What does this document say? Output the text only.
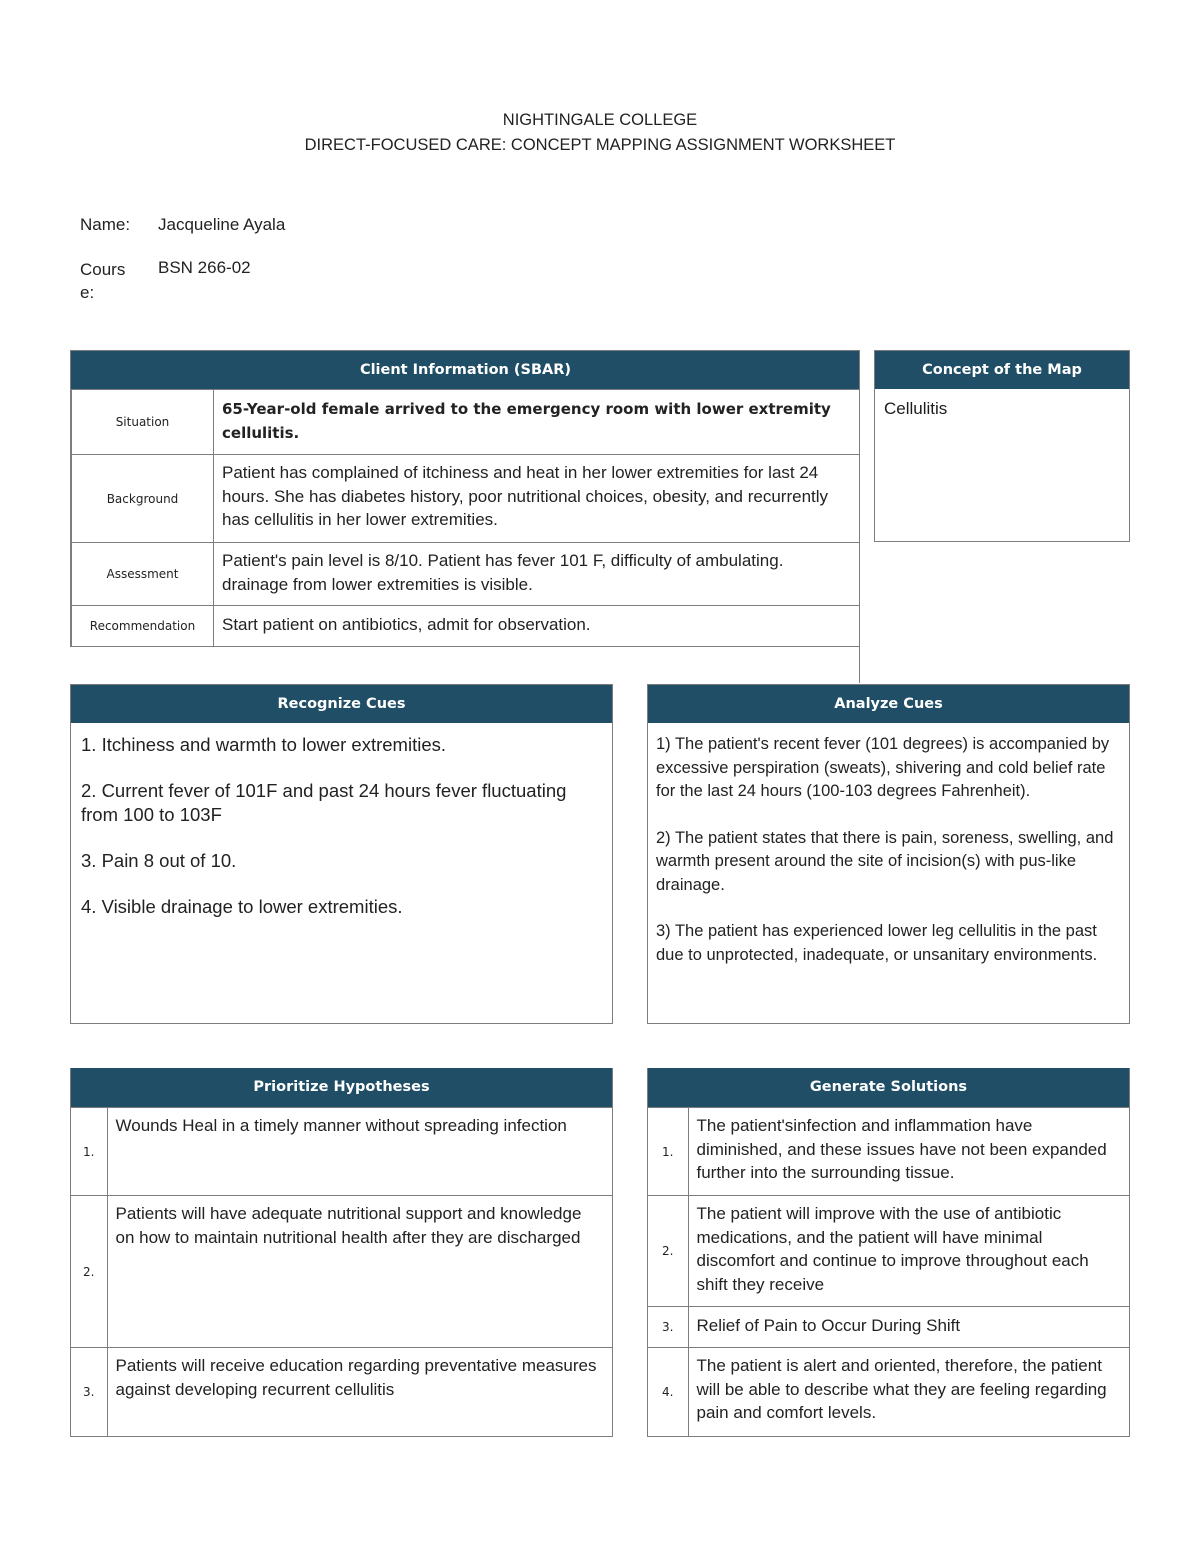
NIGHTINGALE COLLEGE
DIRECT-FOCUSED CARE: CONCEPT MAPPING ASSIGNMENT WORKSHEET
Name: Jacqueline Ayala
Cours
e:
BSN 266-02
Client Information (SBAR)
Situation	65-Year-old female arrived to the emergency room with lower extremity cellulitis.
Background	Patient has complained of itchiness and heat in her lower extremities for last 24 hours. She has diabetes history, poor nutritional choices, obesity, and recurrently has cellulitis in her lower extremities.
Assessment	Patient's pain level is 8/10. Patient has fever 101 F, difficulty of ambulating. drainage from lower extremities is visible.
Recommendation	Start patient on antibiotics, admit for observation.
Concept of the Map
Cellulitis
Recognize Cues
1. Itchiness and warmth to lower extremities.
2. Current fever of 101F and past 24 hours fever fluctuating from 100 to 103F
3. Pain 8 out of 10.
4. Visible drainage to lower extremities.
Analyze Cues
1) The patient's recent fever (101 degrees) is accompanied by excessive perspiration (sweats), shivering and cold belief rate for the last 24 hours (100-103 degrees Fahrenheit).
2) The patient states that there is pain, soreness, swelling, and warmth present around the site of incision(s) with pus-like drainage.
3) The patient has experienced lower leg cellulitis in the past due to unprotected, inadequate, or unsanitary environments.
Prioritize Hypotheses
1.	Wounds Heal in a timely manner without spreading infection
2.	Patients will have adequate nutritional support and knowledge on how to maintain nutritional health after they are discharged
3.	Patients will receive education regarding preventative measures against developing recurrent cellulitis
Generate Solutions
1.	The patient'sinfection and inflammation have diminished, and these issues have not been expanded further into the surrounding tissue.
2.	The patient will improve with the use of antibiotic medications, and the patient will have minimal discomfort and continue to improve throughout each shift they receive
3.	Relief of Pain to Occur During Shift
4.	The patient is alert and oriented, therefore, the patient will be able to describe what they are feeling regarding pain and comfort levels.
